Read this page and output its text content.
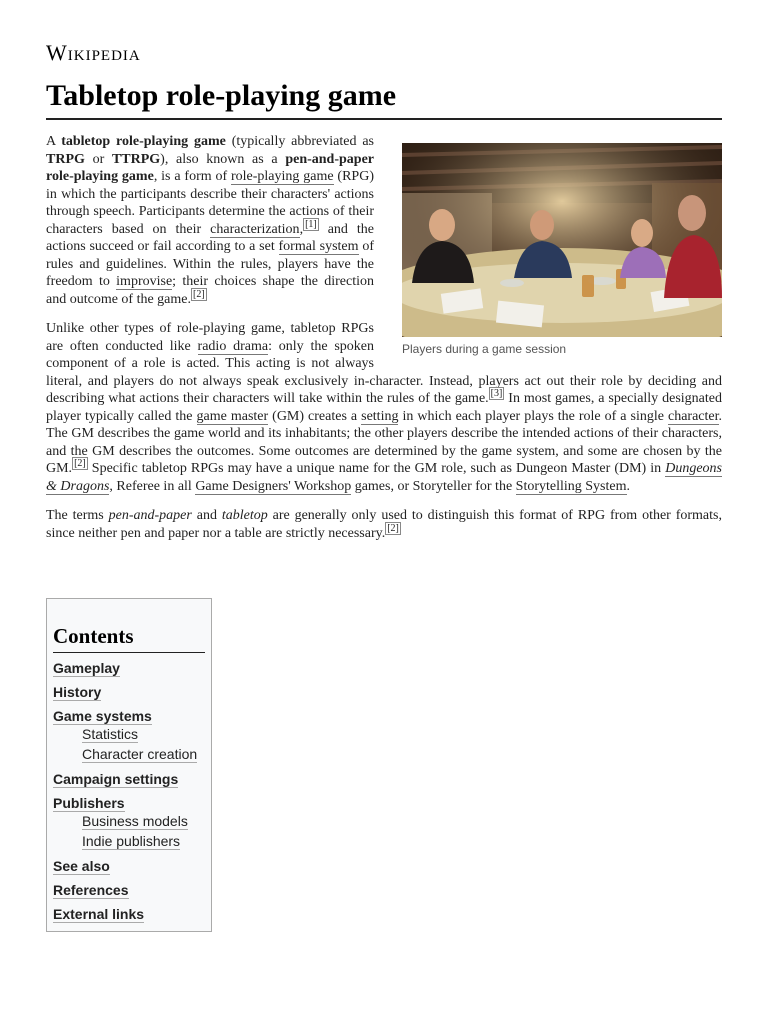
Wikipedia
Tabletop role-playing game
Players during a game session

A tabletop role-playing game (typically abbreviated as TRPG or TTRPG), also known as a pen-and-paper role-playing game, is a form of role-playing game (RPG) in which the participants describe their characters' actions through speech. Participants determine the actions of their characters based on their characterization, [1] and the actions succeed or fail according to a set formal system of rules and guidelines. Within the rules, players have the freedom to improvise; their choices shape the direction and outcome of the game. [2]

Unlike other types of role-playing game, tabletop RPGs are often conducted like radio drama: only the spoken component of a role is acted. This acting is not always literal, and players do not always speak exclusively in-character. Instead, players act out their role by deciding and describing what actions their characters will take within the rules of the game. [3] In most games, a specially designated player typically called the game master (GM) creates a setting in which each player plays the role of a single character. The GM describes the game world and its inhabitants; the other players describe the intended actions of their characters, and the GM describes the outcomes. Some outcomes are determined by the game system, and some are chosen by the GM. [2] Specific tabletop RPGs may have a unique name for the GM role, such as Dungeon Master (DM) in Dungeons & Dragons, Referee in all Game Designers' Workshop games, or Storyteller for the Storytelling System.

The terms pen-and-paper and tabletop are generally only used to distinguish this format of RPG from other formats, since neither pen and paper nor a table are strictly necessary. [2]

Contents
Gameplay
History
Game systems
Statistics
Character creation
Campaign settings
Publishers
Business models
Indie publishers
See also
References
External links
